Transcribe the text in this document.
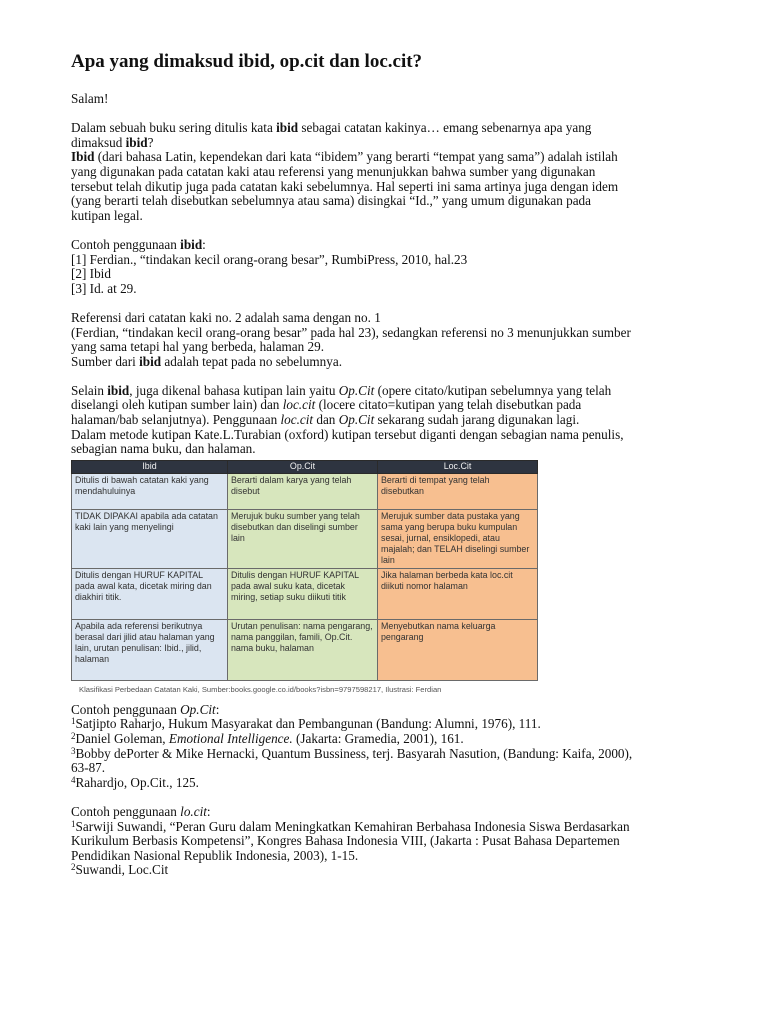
Apa yang dimaksud ibid, op.cit dan loc.cit?

Salam!

Dalam sebuah buku sering ditulis kata ibid sebagai catatan kakinya… emang sebenarnya apa yang

dimaksud ibid?

Ibid (dari bahasa Latin, kependekan dari kata “ibidem” yang berarti “tempat yang sama”) adalah istilah

yang digunakan pada catatan kaki atau referensi yang menunjukkan bahwa sumber yang digunakan

tersebut telah dikutip juga pada catatan kaki sebelumnya. Hal seperti ini sama artinya juga dengan idem

(yang berarti telah disebutkan sebelumnya atau sama) disingkai “Id.,” yang umum digunakan pada

kutipan legal.

Contoh penggunaan ibid:

[1] Ferdian., “tindakan kecil orang-orang besar”, RumbiPress, 2010, hal.23

[2] Ibid

[3] Id. at 29.

Referensi dari catatan kaki no. 2 adalah sama dengan no. 1

(Ferdian, “tindakan kecil orang-orang besar” pada hal 23), sedangkan referensi no 3 menunjukkan sumber

yang sama tetapi hal yang berbeda, halaman 29.

Sumber dari ibid adalah tepat pada no sebelumnya.

Selain ibid, juga dikenal bahasa kutipan lain yaitu Op.Cit (opere citato/kutipan sebelumnya yang telah

diselangi oleh kutipan sumber lain) dan loc.cit (locere citato=kutipan yang telah disebutkan pada

halaman/bab selanjutnya). Penggunaan loc.cit dan Op.Cit sekarang sudah jarang digunakan lagi.

Dalam metode kutipan Kate.L.Turabian (oxford) kutipan tersebut diganti dengan sebagian nama penulis,

sebagian nama buku, dan halaman.

Ibid	Op.Cit	Loc.Cit
Ditulis di bawah catatan kaki yang mendahuluinya	Berarti dalam karya yang telah disebut	Berarti di tempat yang telah disebutkan
TIDAK DIPAKAI apabila ada catatan kaki lain yang menyelingi	Merujuk buku sumber yang telah disebutkan dan diselingi sumber lain	Merujuk sumber data pustaka yang sama yang berupa buku kumpulan sesai, jurnal, ensiklopedi, atau majalah; dan TELAH diselingi sumber lain
Ditulis dengan HURUF KAPITAL pada awal kata, dicetak miring dan diakhiri titik.	Ditulis dengan HURUF KAPITAL pada awal suku kata, dicetak miring, setiap suku diikuti titik	Jika halaman berbeda kata loc.cit diikuti nomor halaman
Apabila ada referensi berikutnya berasal dari jilid atau halaman yang lain, urutan penulisan: Ibid., jilid, halaman	Urutan penulisan: nama pengarang, nama panggilan, famili, Op.Cit. nama buku, halaman	Menyebutkan nama keluarga pengarang
Klasifikasi Perbedaan Catatan Kaki, Sumber:books.google.co.id/books?isbn=9797598217, Ilustrasi: Ferdian

Contoh penggunaan Op.Cit:

$^1$Satjipto Raharjo, Hukum Masyarakat dan Pembangunan (Bandung: Alumni, 1976), 111.

$^2$Daniel Goleman, Emotional Intelligence. (Jakarta: Gramedia, 2001), 161.

$^3$Bobby dePorter & Mike Hernacki, Quantum Bussiness, terj. Basyarah Nasution, (Bandung: Kaifa, 2000),

63-87.

$^4$Rahardjo, Op.Cit., 125.

Contoh penggunaan lo.cit:

$^1$Sarwiji Suwandi, “Peran Guru dalam Meningkatkan Kemahiran Berbahasa Indonesia Siswa Berdasarkan

Kurikulum Berbasis Kompetensi”, Kongres Bahasa Indonesia VIII, (Jakarta : Pusat Bahasa Departemen

Pendidikan Nasional Republik Indonesia, 2003), 1-15.

$^2$Suwandi, Loc.Cit
